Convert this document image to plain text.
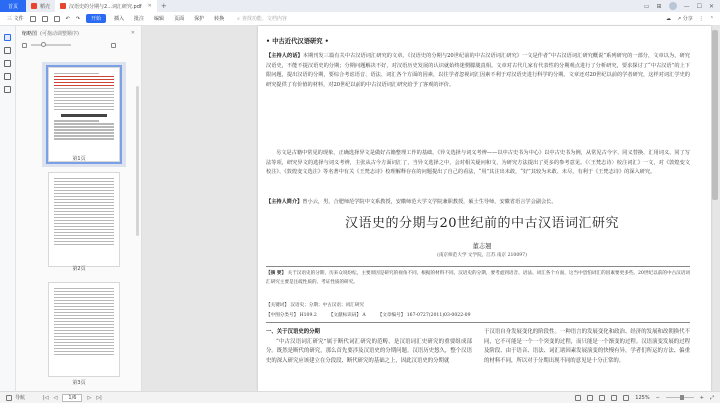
首页	稻壳	汉语史的分期与2...词汇研究.pdf ✕	+	▭ ⊞	— ☐ ✕
三 文件	↶	↷	开始	插入	批注	编辑	页面	保护	转换	⌕ 查找功能、文档内容	☁ ↗ 分享 ⋮ ⌃
缩略图 (可拖动调整顺序)	✕
第1页
第2页
第3页
• 中古近代汉语研究 •
【主持人的话】本期刊发三篇有关中古汉语词汇研究的文章。《汉语史的分期与20世纪前的中古汉语词汇研究》一文是作者“中古汉语词汇研究概说”系列研究的一部分，文章以为，研究汉语史，不能不提汉语史的分期；分期问题解决不好，对汉语历史发展的认识就始终迷惘朦胧真相。文章对古代几家有代表性的分期观点进行了分析研究，要求探讨了“中古汉语”的上下限问题，提出汉语的分期，要综合考虑语音、语法、词汇各个方面的因素，以往学者忽视词汇因素不利于对汉语史进行科学的分期。文章还对20世纪以前的学者研究，这样对词汇学史的研究提供了有价值的材料，对20世纪以前的中古汉语词汇研究给予了客观的评价。
另文是古籍中常见的现象，正确选择异文是做好古籍整理工作的基础。《异文选择与词义考辨——以中古史书为中心》以中古史书为例，从常见古今字、同义替换、汇用词义、同了写法等项，研究异文的选择与词义考辨，主张从古今方面词汇了，当异文选择之中，会对相关疑问和文、为研究方法提出了更多的参考意见。《〈王梵志诗〉校注词汇》一文，对《敦煌变文校注》、《敦煌变文选注》等名著中有关《王梵志诗》校理解释存在的问题提出了自己的看法，“用”其注出未敢，“好”其较为未敢、未尽，有利于《王梵志诗》的深入研究。
【主持人简介】曾小云，男，合肥师范学院中文系教授，安徽师范大学文学院兼职教授，硕士生导师，安徽省语言学会副会长。
汉语史的分期与20世纪前的中古汉语词汇研究
董志翘
(南京师范大学 文学院，江苏 南京 210097)
【摘 要】 关于汉语史的分期，历来众说纷纭，主要原因是研究的视角不同，根据的材料不同。汉语史的分期，要考虑到语音、语法、词汇各个方面，这当中恐怕词汇的因素要更多些。20世纪以前的中古汉语词汇研究主要是注疏性质的、考证性质的研究。
【关键词】 汉语史；分期；中古汉语；词汇研究
【中图分类号】 H109.2	【文献标识码】 A	【文章编号】 167-0727(2011)03-0022-09
一、关于汉语史的分期
“中古汉语词汇研究”属于断代词汇研究的范畴，是汉语词汇史研究的重要组成部分。既然是断代的研究，那么首先要涉及汉语史的分期问题。汉语历史悠久，整个汉语史的深入研究应该建立在分段段、断代研究的基础之上，因此汉语史的分期就
于汉语自身发展变化的阶段性。一种语言的发展变化和政治、经济的发展和改朝换代不同，它不可能是一个一个突变的过程，而只能是一个渐变的过程。汉语演变发展的过程及阶段、由于语音、语法、词汇诸因素发展演变的快慢有异，学者们所运的方法、偏重的材料不同，所以对于分期出现不同的意见是十分正常的。
导航	|◁ ◁	1/6	▷ ▷|	125% −	+ ⤢
